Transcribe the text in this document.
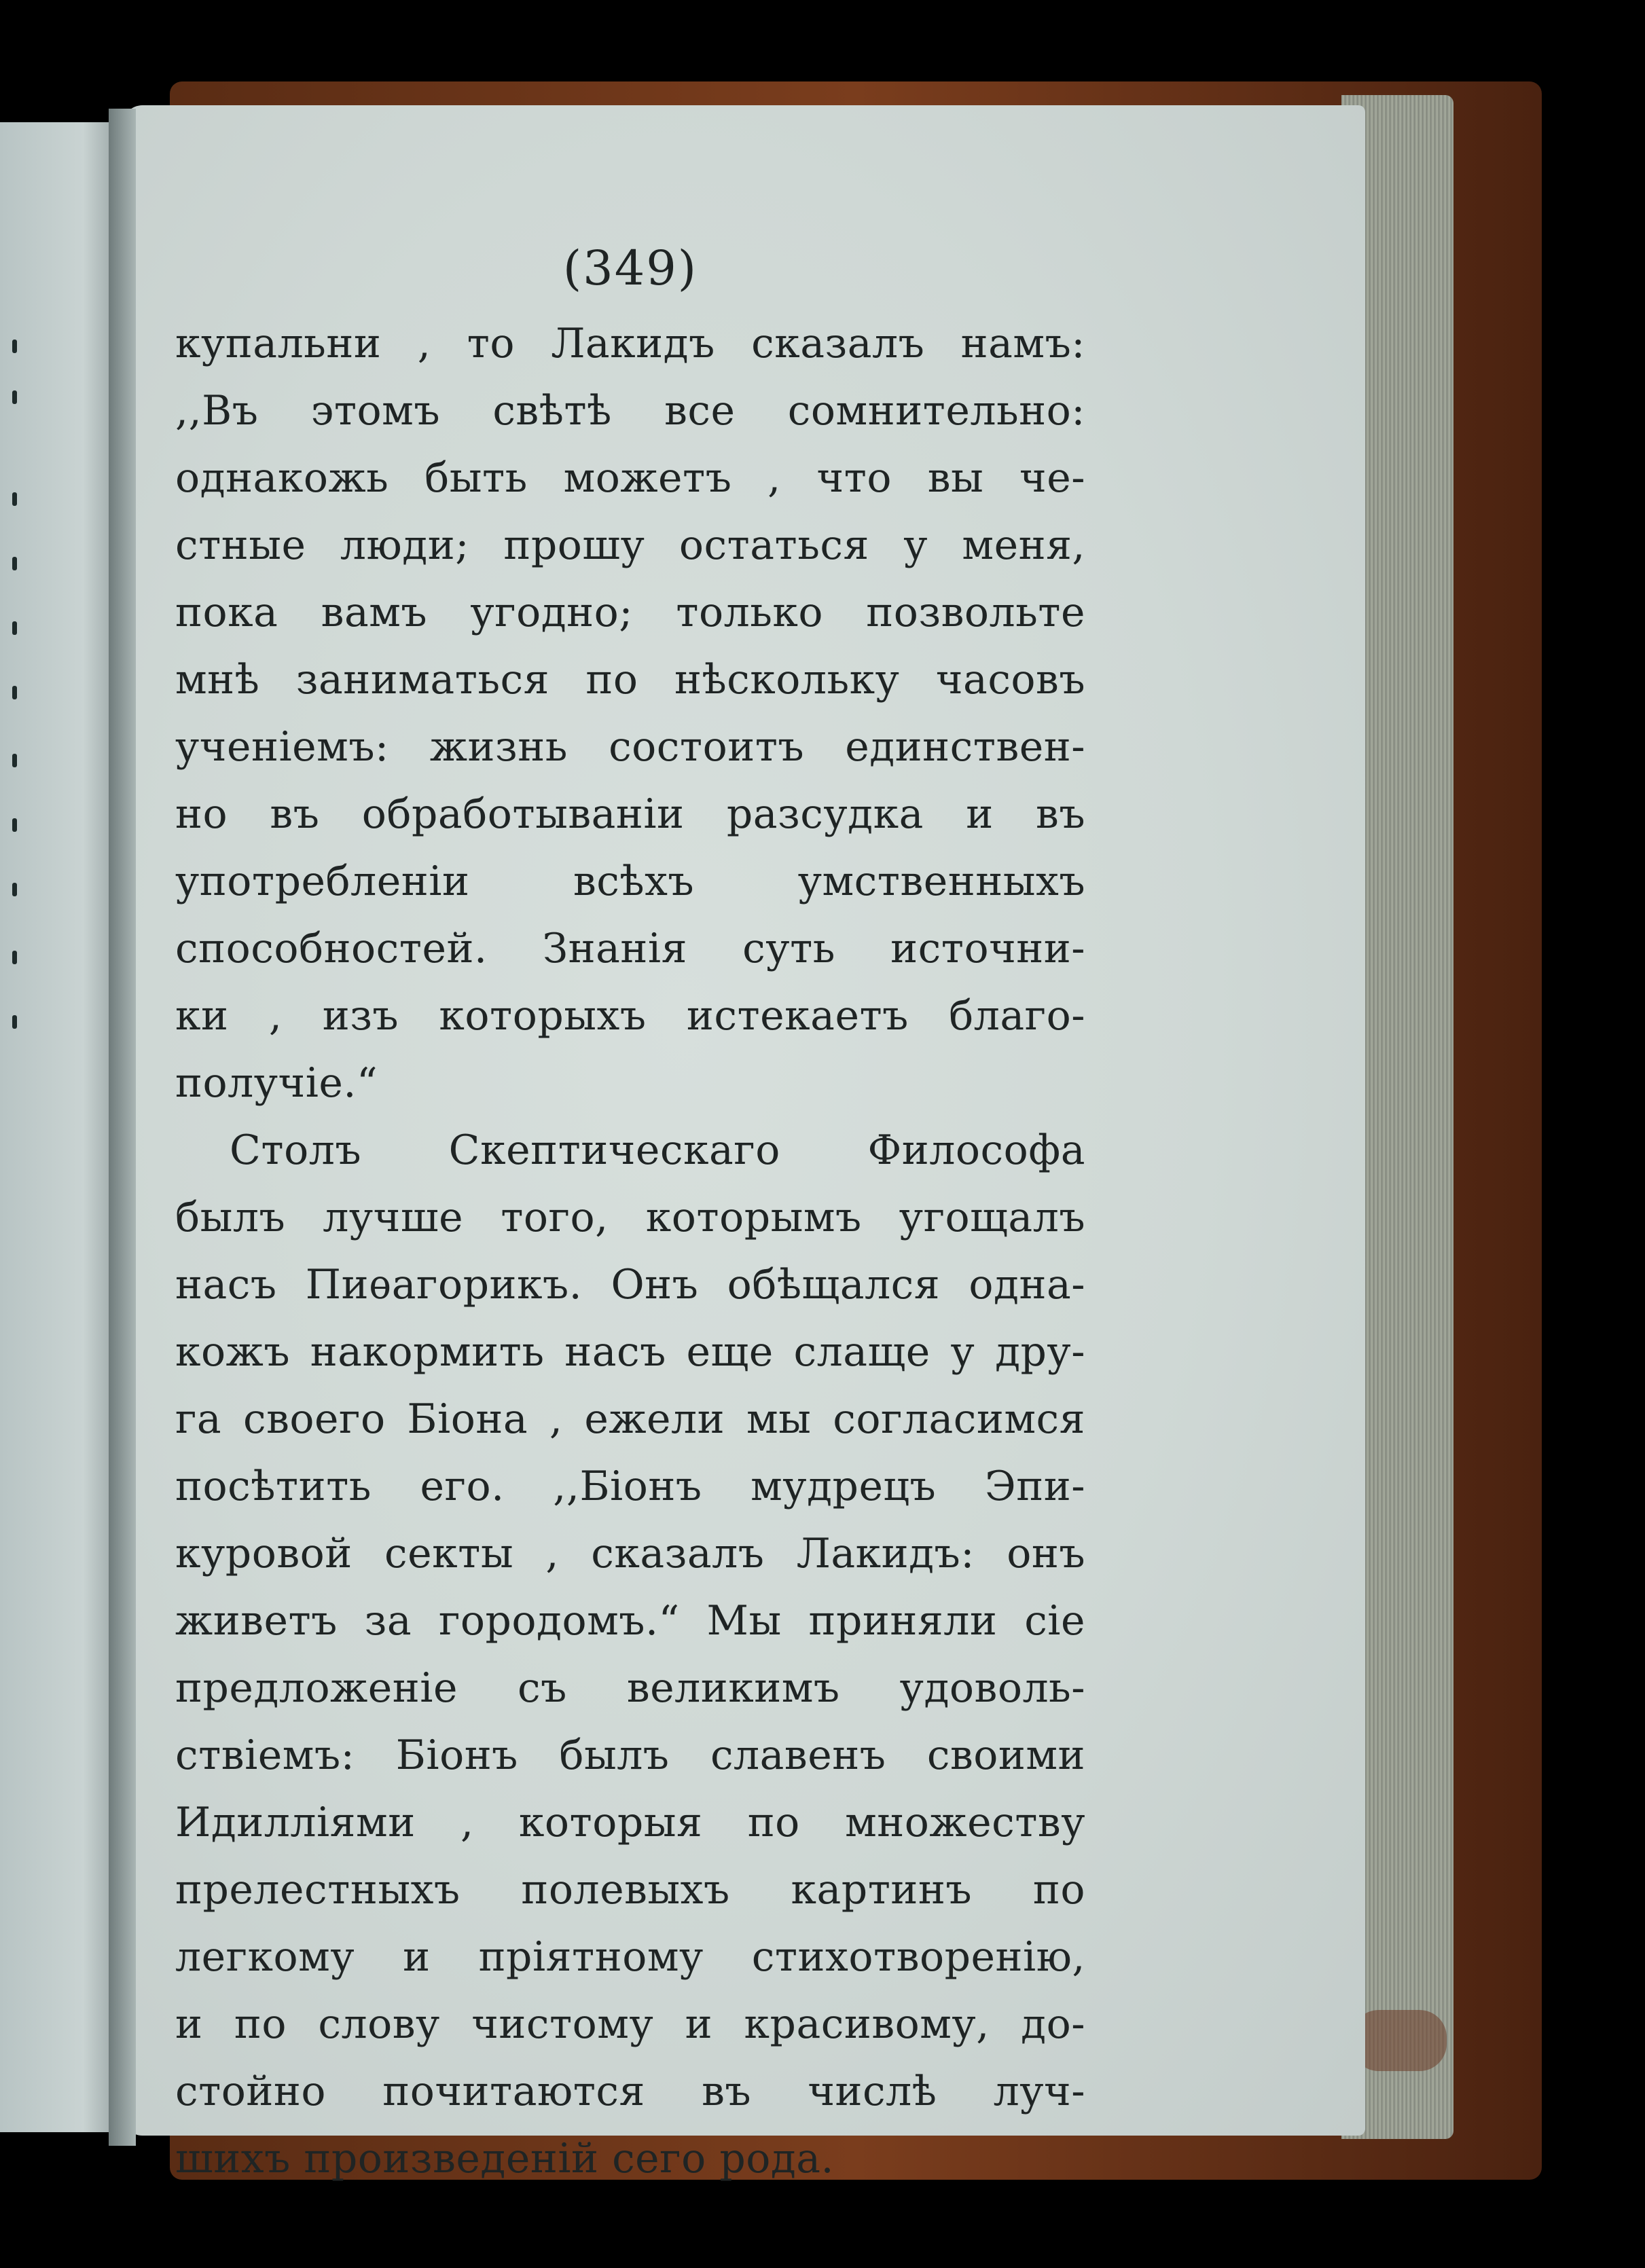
(349)
купальни , то Лакидъ сказалъ намъ:
,,Въ этомъ свѣтѣ все сомнительно:
однакожь быть можетъ , что вы че-
стные люди; прошу остаться у меня,
пока вамъ угодно; только позвольте
мнѣ заниматься по нѣскольку часовъ
ученіемъ: жизнь состоитъ единствен-
но въ обработываніи разсудка и въ
употребленіи всѣхъ умственныхъ
способностей. Знанія суть источни-
ки , изъ которыхъ истекаетъ благо-
получіе.“
Столъ Скептическаго Философа
былъ лучше того, которымъ угощалъ
насъ Пиѳагорикъ. Онъ обѣщался одна-
кожъ накормить насъ еще слаще у дру-
га своего Біона , ежели мы согласимся
посѣтить его. ,,Біонъ мудрецъ Эпи-
куровой секты , сказалъ Лакидъ: онъ
живетъ за городомъ.“ Мы приняли сіе
предложеніе съ великимъ удоволь-
ствіемъ: Біонъ былъ славенъ своими
Идилліями , которыя по множеству
прелестныхъ полевыхъ картинъ по
легкому и пріятному стихотворенію,
и по слову чистому и красивому, до-
стойно почитаются въ числѣ луч-
шихъ произведеній сего рода.
